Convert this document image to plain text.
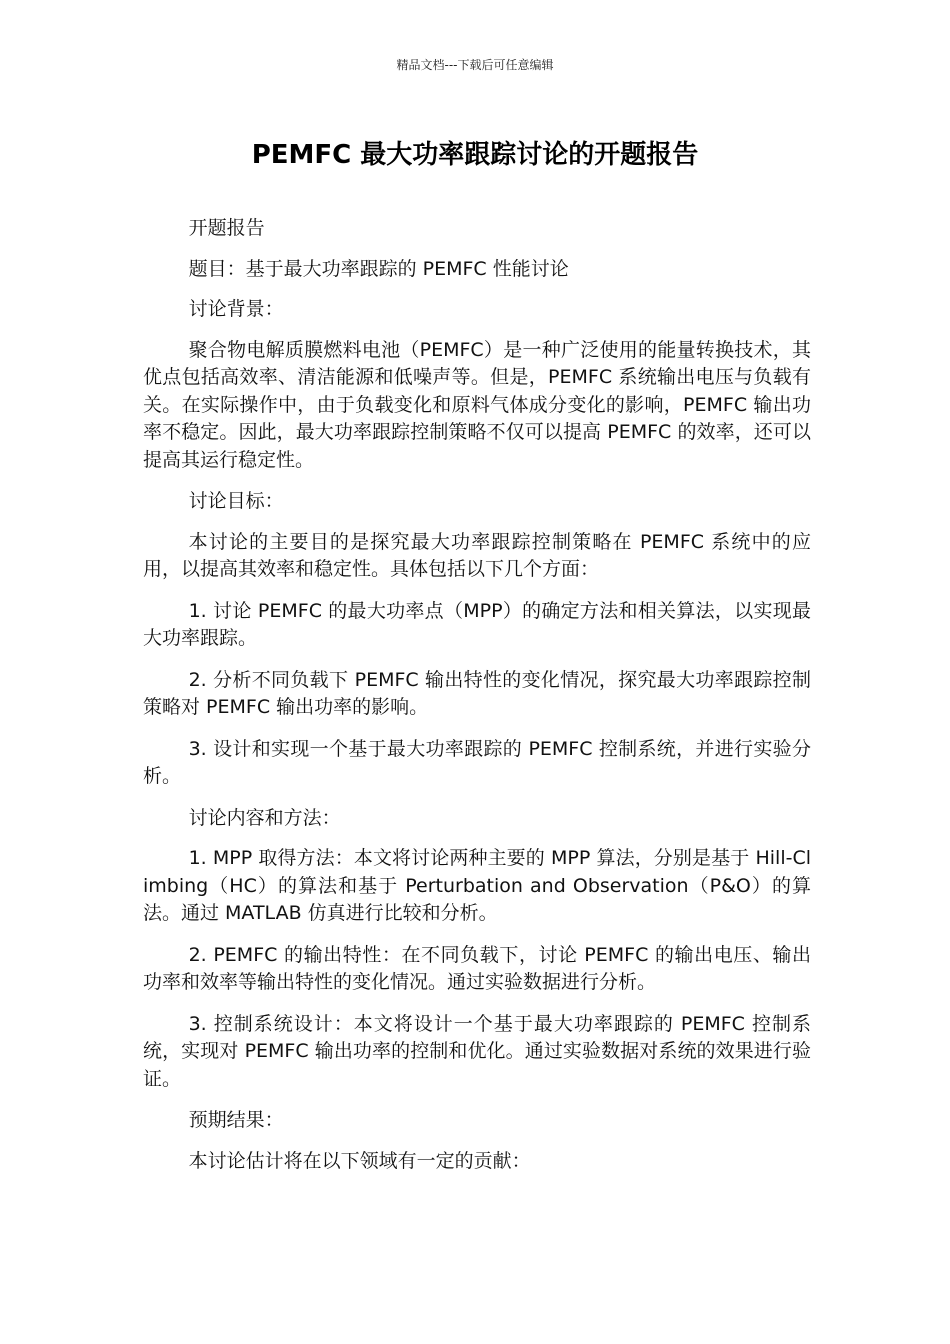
精品文档---下载后可任意编辑
PEMFC 最大功率跟踪讨论的开题报告

开题报告

题目：基于最大功率跟踪的 PEMFC 性能讨论

讨论背景：

聚合物电解质膜燃料电池（PEMFC）是一种广泛使用的能量转换技术，其优点包括高效率、清洁能源和低噪声等。但是，PEMFC 系统输出电压与负载有关。在实际操作中，由于负载变化和原料气体成分变化的影响，PEMFC 输出功率不稳定。因此，最大功率跟踪控制策略不仅可以提高 PEMFC 的效率，还可以提高其运行稳定性。

讨论目标：

本讨论的主要目的是探究最大功率跟踪控制策略在 PEMFC 系统中的应用，以提高其效率和稳定性。具体包括以下几个方面：

1. 讨论 PEMFC 的最大功率点（MPP）的确定方法和相关算法，以实现最大功率跟踪。

2. 分析不同负载下 PEMFC 输出特性的变化情况，探究最大功率跟踪控制策略对 PEMFC 输出功率的影响。

3. 设计和实现一个基于最大功率跟踪的 PEMFC 控制系统，并进行实验分析。

讨论内容和方法：

1. MPP 取得方法：本文将讨论两种主要的 MPP 算法，分别是基于 Hill-Climbing（HC）的算法和基于 Perturbation and Observation（P&O）的算法。通过 MATLAB 仿真进行比较和分析。

2. PEMFC 的输出特性：在不同负载下，讨论 PEMFC 的输出电压、输出功率和效率等输出特性的变化情况。通过实验数据进行分析。

3. 控制系统设计：本文将设计一个基于最大功率跟踪的 PEMFC 控制系统，实现对 PEMFC 输出功率的控制和优化。通过实验数据对系统的效果进行验证。

预期结果：

本讨论估计将在以下领域有一定的贡献：
